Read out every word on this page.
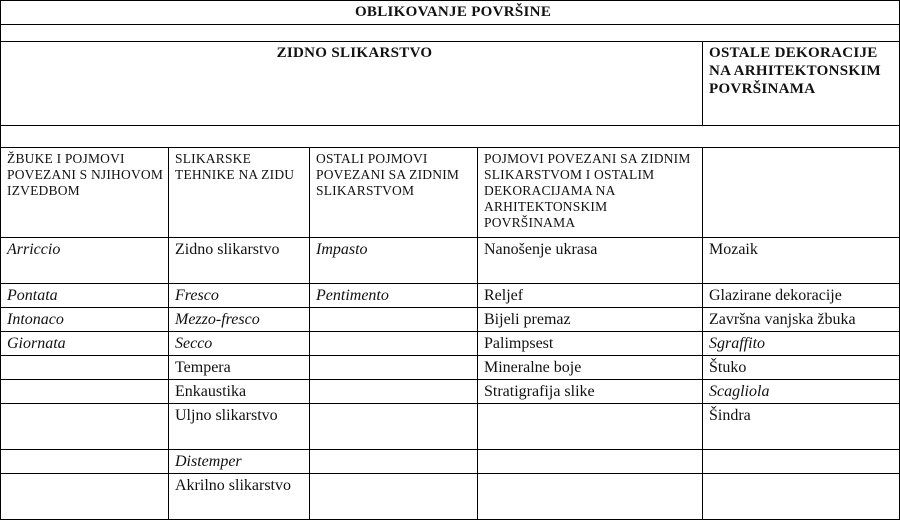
OBLIKOVANJE POVRŠINE				

ZIDNO SLIKARSTVO				OSTALE DEKORACIJE NA ARHITEKTONSKIM POVRŠINAMA

ŽBUKE I POJMOVI POVEZANI S NJIHOVOM IZVEDBOM	SLIKARSKE TEHNIKE NA ZIDU	OSTALI POJMOVI POVEZANI SA ZIDNIM SLIKARSTVOM	POJMOVI POVEZANI SA ZIDNIM SLIKARSTVOM I OSTALIM DEKORACIJAMA NA ARHITEKTONSKIM POVRŠINAMA	
Arriccio	Zidno slikarstvo	Impasto	Nanošenje ukrasa	Mozaik
Pontata	Fresco	Pentimento	Reljef	Glazirane dekoracije
Intonaco	Mezzo-fresco		Bijeli premaz	Završna vanjska žbuka
Giornata	Secco		Palimpsest	Sgraffito
	Tempera		Mineralne boje	Štuko
	Enkaustika		Stratigrafija slike	Scagliola
	Uljno slikarstvo			Šindra
	Distemper			
	Akrilno slikarstvo			
